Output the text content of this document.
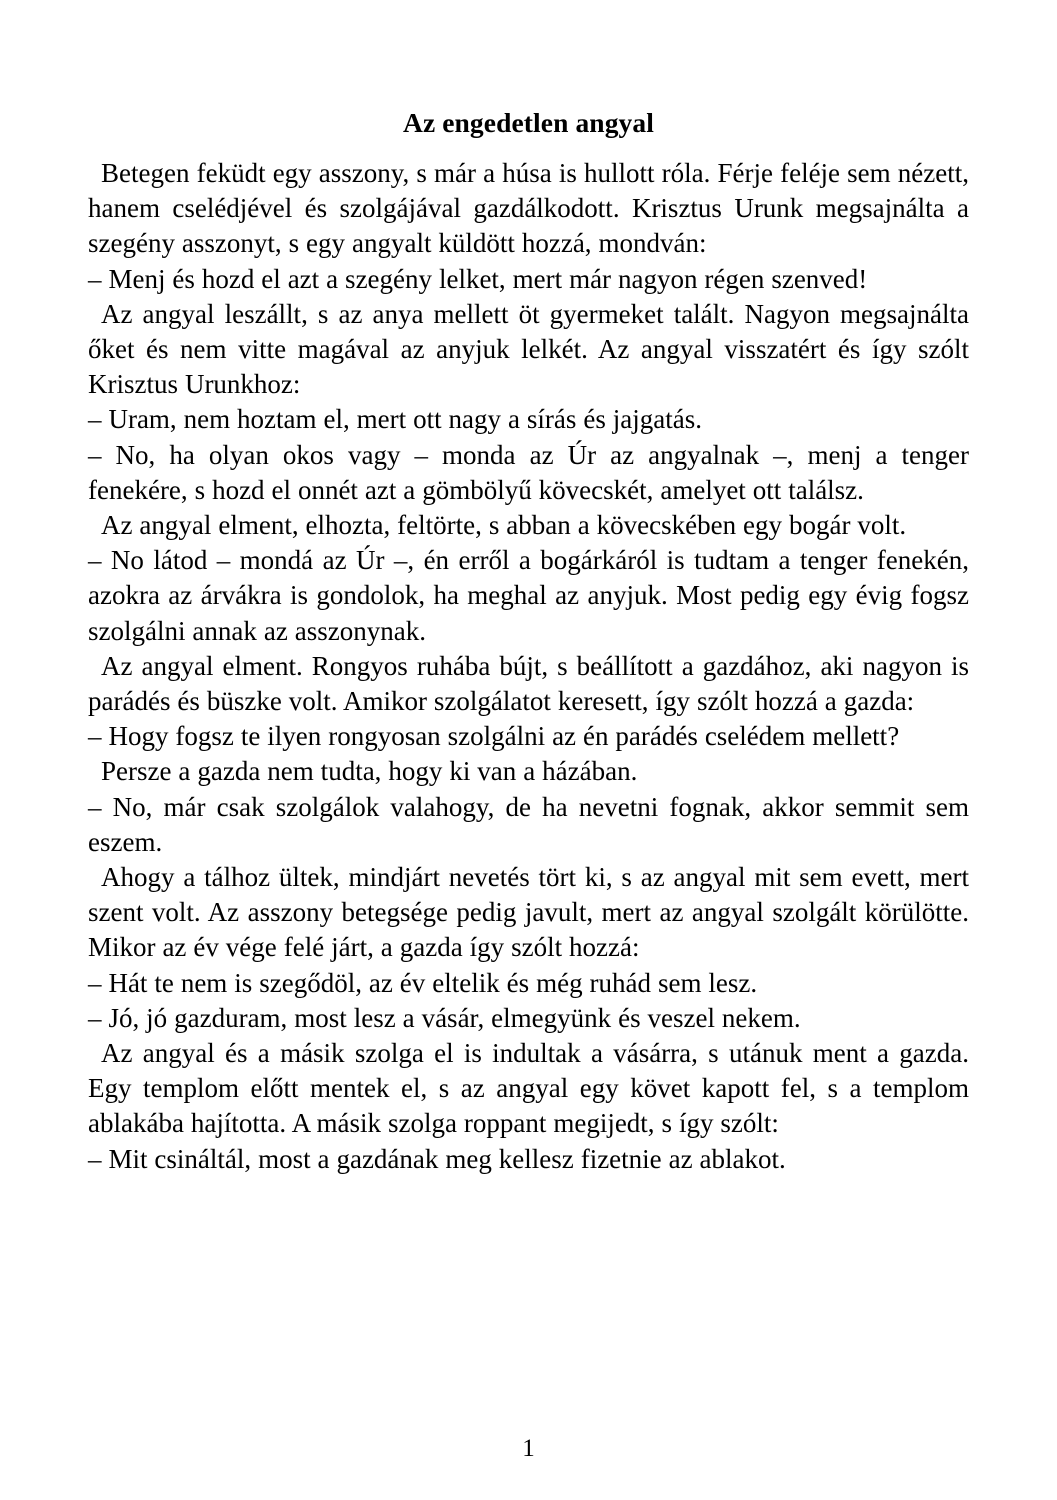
Az engedetlen angyal

Betegen feküdt egy asszony, s már a húsa is hullott róla. Férje feléje sem nézett, hanem cselédjével és szolgájával gazdálkodott. Krisztus Urunk megsajnálta a szegény asszonyt, s egy angyalt küldött hozzá, mondván:

– Menj és hozd el azt a szegény lelket, mert már nagyon régen szenved!

Az angyal leszállt, s az anya mellett öt gyermeket talált. Nagyon megsajnálta őket és nem vitte magával az anyjuk lelkét. Az angyal visszatért és így szólt Krisztus Urunkhoz:

– Uram, nem hoztam el, mert ott nagy a sírás és jajgatás.

– No, ha olyan okos vagy – monda az Úr az angyalnak –, menj a tenger fenekére, s hozd el onnét azt a gömbölyű kövecskét, amelyet ott találsz.

Az angyal elment, elhozta, feltörte, s abban a kövecskében egy bogár volt.

– No látod – mondá az Úr –, én erről a bogárkáról is tudtam a tenger fenekén, azokra az árvákra is gondolok, ha meghal az anyjuk. Most pedig egy évig fogsz szolgálni annak az asszonynak.

Az angyal elment. Rongyos ruhába bújt, s beállított a gazdához, aki nagyon is parádés és büszke volt. Amikor szolgálatot keresett, így szólt hozzá a gazda:

– Hogy fogsz te ilyen rongyosan szolgálni az én parádés cselédem mellett?

Persze a gazda nem tudta, hogy ki van a házában.

– No, már csak szolgálok valahogy, de ha nevetni fognak, akkor semmit sem eszem.

Ahogy a tálhoz ültek, mindjárt nevetés tört ki, s az angyal mit sem evett, mert szent volt. Az asszony betegsége pedig javult, mert az angyal szolgált körülötte. Mikor az év vége felé járt, a gazda így szólt hozzá:

– Hát te nem is szegődöl, az év eltelik és még ruhád sem lesz.

– Jó, jó gazduram, most lesz a vásár, elmegyünk és veszel nekem.

Az angyal és a másik szolga el is indultak a vásárra, s utánuk ment a gazda. Egy templom előtt mentek el, s az angyal egy követ kapott fel, s a templom ablakába hajította. A másik szolga roppant megijedt, s így szólt:

– Mit csináltál, most a gazdának meg kellesz fizetnie az ablakot.

1
